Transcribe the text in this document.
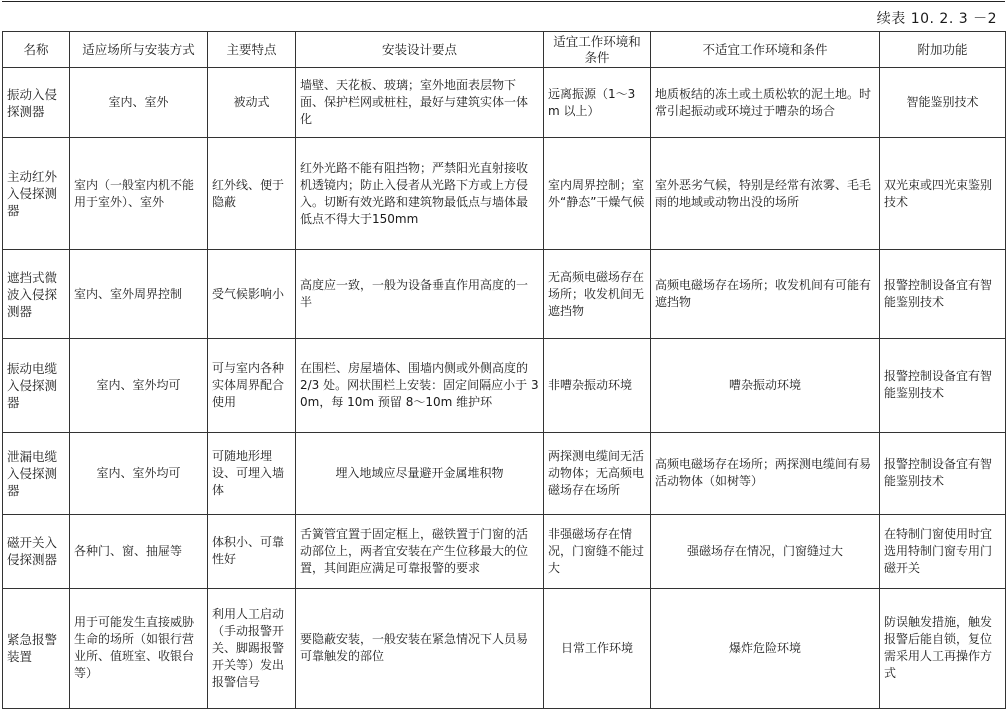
续表 10. 2. 3 －2
名称	适应场所与安装方式	主要特点	安装设计要点	适宜工作环境和条件	不适宜工作环境和条件	附加功能
振动入侵探测器	室内、室外	被动式	墙壁、天花板、玻璃；室外地面表层物下面、保护栏网或桩柱，最好与建筑实体一体化	远离振源（1～3m 以上）	地质板结的冻土或土质松软的泥土地。时常引起振动或环境过于嘈杂的场合	智能鉴别技术
主动红外入侵探测器	室内（一般室内机不能用于室外）、室外	红外线、便于隐蔽	红外光路不能有阻挡物；严禁阳光直射接收机透镜内；防止入侵者从光路下方或上方侵入。切断有效光路和建筑物最低点与墙体最低点不得大于150mm	室内周界控制；室外“静态”干燥气候	室外恶劣气候，特别是经常有浓雾、毛毛雨的地域或动物出没的场所	双光束或四光束鉴别技术
遮挡式微波入侵探测器	室内、室外周界控制	受气候影响小	高度应一致，一般为设备垂直作用高度的一半	无高频电磁场存在场所；收发机间无遮挡物	高频电磁场存在场所；收发机间有可能有遮挡物	报警控制设备宜有智能鉴别技术
振动电缆入侵探测器	室内、室外均可	可与室内各种实体周界配合使用	在围栏、房屋墙体、围墙内侧或外侧高度的 2/3 处。网状围栏上安装：固定间隔应小于 30m，每 10m 预留 8～10m 维护环	非嘈杂振动环境	嘈杂振动环境	报警控制设备宜有智能鉴别技术
泄漏电缆入侵探测器	室内、室外均可	可随地形埋设、可埋入墙体	埋入地域应尽量避开金属堆积物	两探测电缆间无活动物体；无高频电磁场存在场所	高频电磁场存在场所；两探测电缆间有易活动物体（如树等）	报警控制设备宜有智能鉴别技术
磁开关入侵探测器	各种门、窗、抽屉等	体积小、可靠性好	舌簧管宜置于固定框上，磁铁置于门窗的活动部位上，两者宜安装在产生位移最大的位置，其间距应满足可靠报警的要求	非强磁场存在情况，门窗缝不能过大	强磁场存在情况，门窗缝过大	在特制门窗使用时宜选用特制门窗专用门磁开关
紧急报警装置	用于可能发生直接威胁生命的场所（如银行营业所、值班室、收银台等）	利用人工启动（手动报警开关、脚踢报警开关等）发出报警信号	要隐蔽安装，一般安装在紧急情况下人员易可靠触发的部位	日常工作环境	爆炸危险环境	防误触发措施，触发报警后能自锁，复位需采用人工再操作方式
